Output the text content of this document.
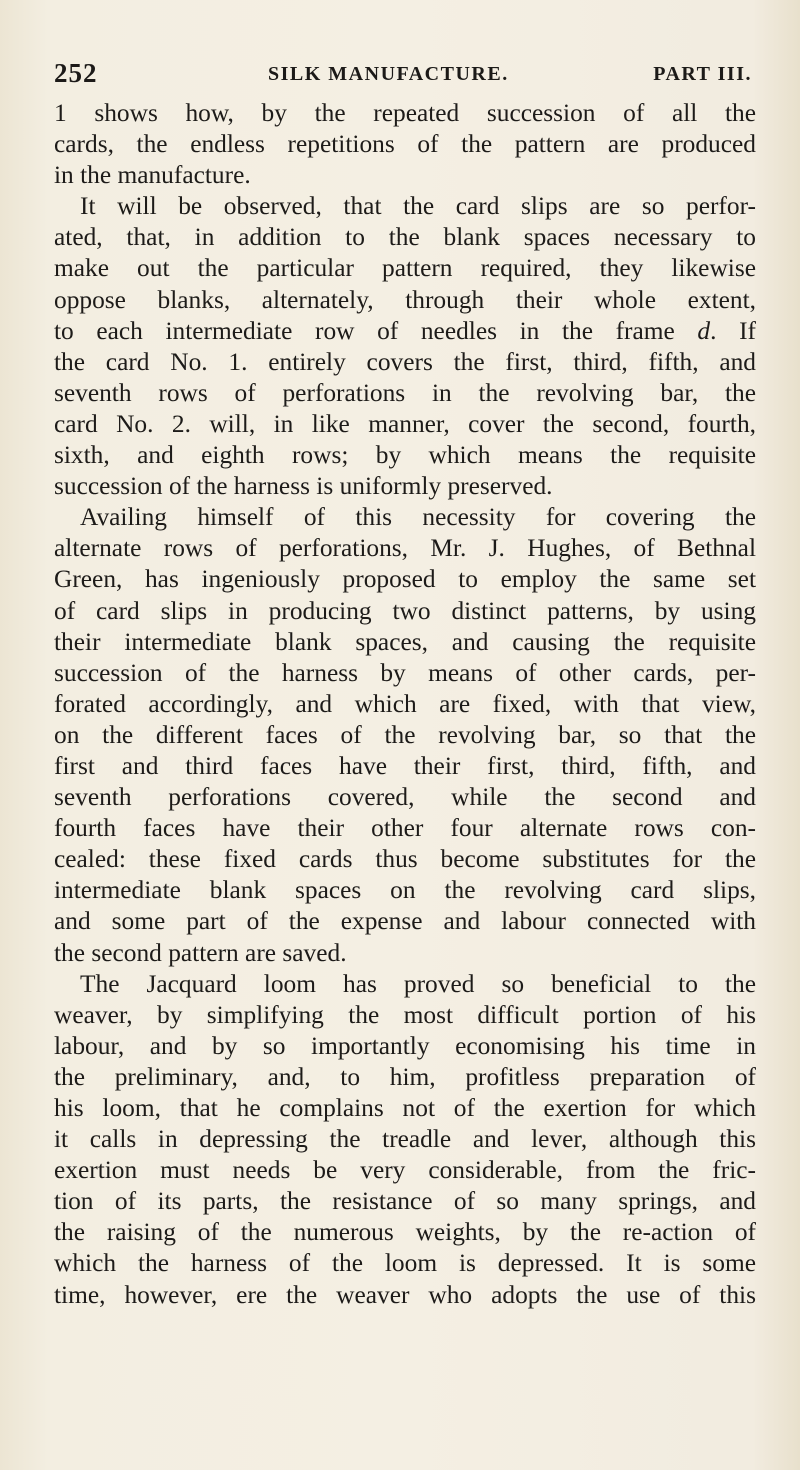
252	SILK MANUFACTURE.	PART III.
1 shows how, by the repeated succession of all the
cards, the endless repetitions of the pattern are produced
in the manufacture.
It will be observed, that the card slips are so perfor-
ated, that, in addition to the blank spaces necessary to
make out the particular pattern required, they likewise
oppose blanks, alternately, through their whole extent,
to each intermediate row of needles in the frame d. If
the card No. 1. entirely covers the first, third, fifth, and
seventh rows of perforations in the revolving bar, the
card No. 2. will, in like manner, cover the second, fourth,
sixth, and eighth rows; by which means the requisite
succession of the harness is uniformly preserved.
Availing himself of this necessity for covering the
alternate rows of perforations, Mr. J. Hughes, of Bethnal
Green, has ingeniously proposed to employ the same set
of card slips in producing two distinct patterns, by using
their intermediate blank spaces, and causing the requisite
succession of the harness by means of other cards, per-
forated accordingly, and which are fixed, with that view,
on the different faces of the revolving bar, so that the
first and third faces have their first, third, fifth, and
seventh perforations covered, while the second and
fourth faces have their other four alternate rows con-
cealed: these fixed cards thus become substitutes for the
intermediate blank spaces on the revolving card slips,
and some part of the expense and labour connected with
the second pattern are saved.
The Jacquard loom has proved so beneficial to the
weaver, by simplifying the most difficult portion of his
labour, and by so importantly economising his time in
the preliminary, and, to him, profitless preparation of
his loom, that he complains not of the exertion for which
it calls in depressing the treadle and lever, although this
exertion must needs be very considerable, from the fric-
tion of its parts, the resistance of so many springs, and
the raising of the numerous weights, by the re-action of
which the harness of the loom is depressed. It is some
time, however, ere the weaver who adopts the use of this
